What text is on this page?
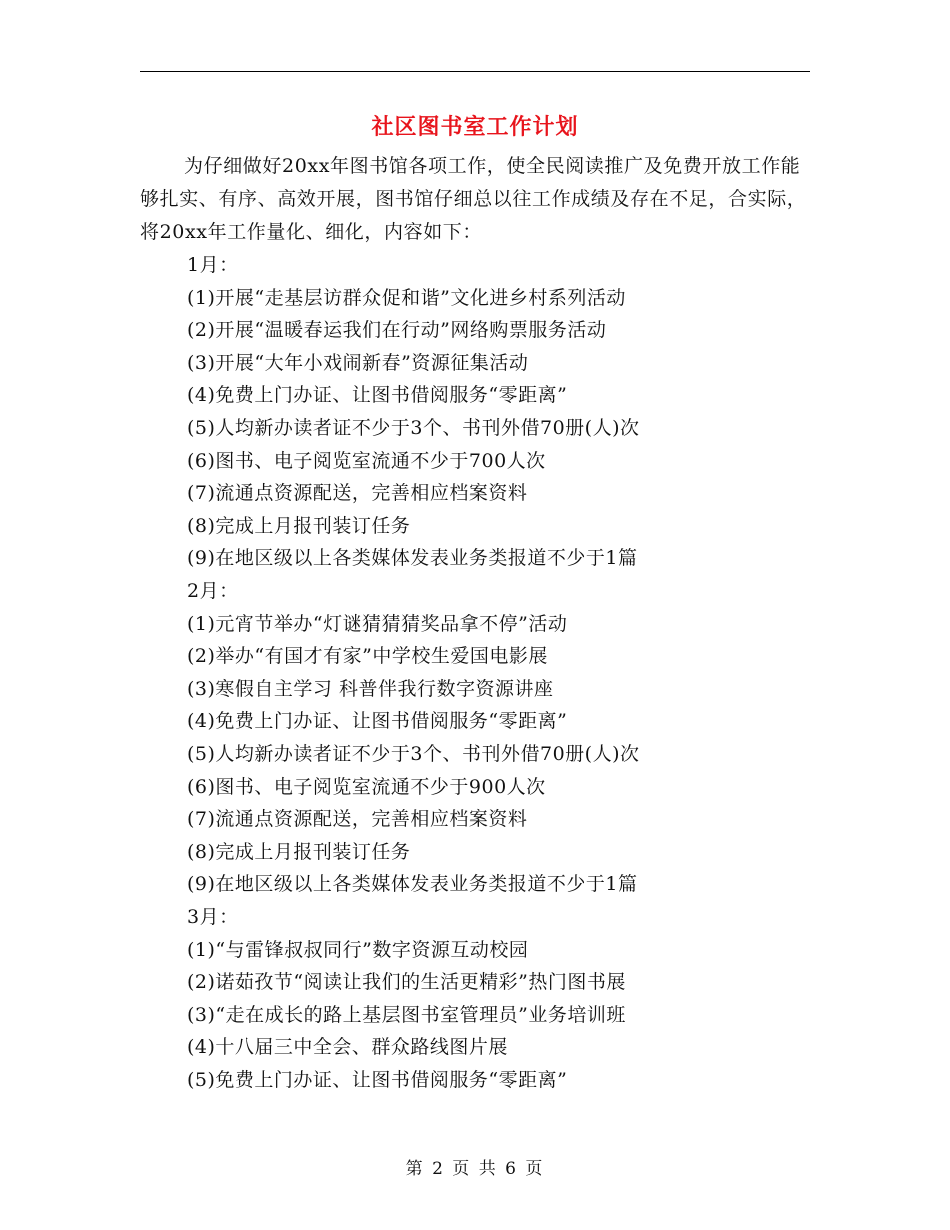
社区图书室工作计划

为仔细做好20xx年图书馆各项工作，使全民阅读推广及免费开放工作能够扎实、有序、高效开展，图书馆仔细总以往工作成绩及存在不足，合实际，将20xx年工作量化、细化，内容如下：

1月：
(1)开展“走基层访群众促和谐”文化进乡村系列活动
(2)开展“温暖春运我们在行动”网络购票服务活动
(3)开展“大年小戏闹新春”资源征集活动
(4)免费上门办证、让图书借阅服务“零距离”
(5)人均新办读者证不少于3个、书刊外借70册(人)次
(6)图书、电子阅览室流通不少于700人次
(7)流通点资源配送，完善相应档案资料
(8)完成上月报刊装订任务
(9)在地区级以上各类媒体发表业务类报道不少于1篇
2月：
(1)元宵节举办“灯谜猜猜猜奖品拿不停”活动
(2)举办“有国才有家”中学校生爱国电影展
(3)寒假自主学习 科普伴我行数字资源讲座
(4)免费上门办证、让图书借阅服务“零距离”
(5)人均新办读者证不少于3个、书刊外借70册(人)次
(6)图书、电子阅览室流通不少于900人次
(7)流通点资源配送，完善相应档案资料
(8)完成上月报刊装订任务
(9)在地区级以上各类媒体发表业务类报道不少于1篇
3月：
(1)“与雷锋叔叔同行”数字资源互动校园
(2)诺茹孜节“阅读让我们的生活更精彩”热门图书展
(3)“走在成长的路上基层图书室管理员”业务培训班
(4)十八届三中全会、群众路线图片展
(5)免费上门办证、让图书借阅服务“零距离”
第 2 页 共 6 页
